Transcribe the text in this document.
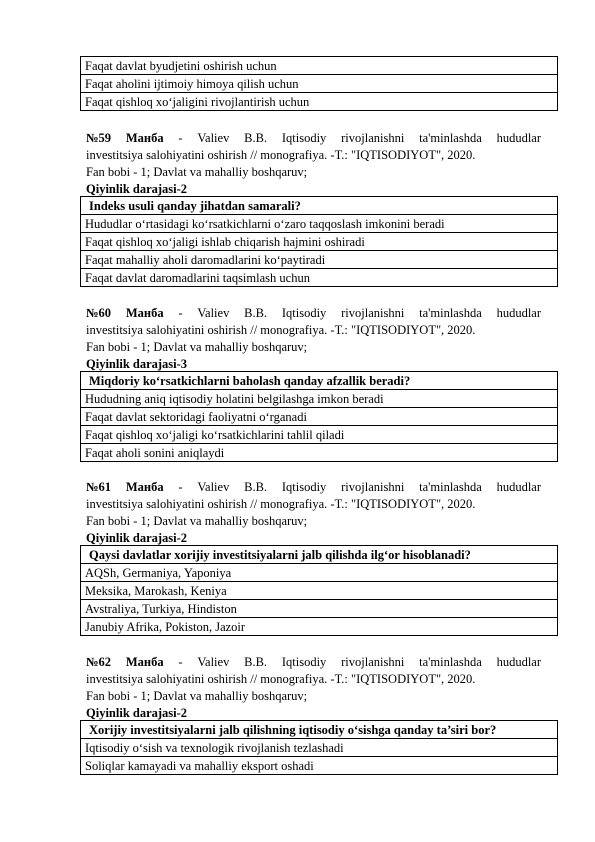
Faqat davlat byudjetini oshirish uchun
Faqat aholini ijtimoiy himoya qilish uchun
Faqat qishloq xo‘jaligini rivojlantirish uchun
№59 Манба - Valiev B.B. Iqtisodiy rivojlanishni ta'minlashda hududlar
investitsiya salohiyatini oshirish // monografiya. -T.: "IQTISODIYOT", 2020.
Fan bobi - 1; Davlat va mahalliy boshqaruv;
Qiyinlik darajasi-2
Indeks usuli qanday jihatdan samarali?
Hududlar o‘rtasidagi ko‘rsatkichlarni o‘zaro taqqoslash imkonini beradi
Faqat qishloq xo‘jaligi ishlab chiqarish hajmini oshiradi
Faqat mahalliy aholi daromadlarini ko‘paytiradi
Faqat davlat daromadlarini taqsimlash uchun
№60 Манба - Valiev B.B. Iqtisodiy rivojlanishni ta'minlashda hududlar
investitsiya salohiyatini oshirish // monografiya. -T.: "IQTISODIYOT", 2020.
Fan bobi - 1; Davlat va mahalliy boshqaruv;
Qiyinlik darajasi-3
Miqdoriy ko‘rsatkichlarni baholash qanday afzallik beradi?
Hududning aniq iqtisodiy holatini belgilashga imkon beradi
Faqat davlat sektoridagi faoliyatni o‘rganadi
Faqat qishloq xo‘jaligi ko‘rsatkichlarini tahlil qiladi
Faqat aholi sonini aniqlaydi
№61 Манба - Valiev B.B. Iqtisodiy rivojlanishni ta'minlashda hududlar
investitsiya salohiyatini oshirish // monografiya. -T.: "IQTISODIYOT", 2020.
Fan bobi - 1; Davlat va mahalliy boshqaruv;
Qiyinlik darajasi-2
Qaysi davlatlar xorijiy investitsiyalarni jalb qilishda ilg‘or hisoblanadi?
AQSh, Germaniya, Yaponiya
Meksika, Marokash, Keniya
Avstraliya, Turkiya, Hindiston
Janubiy Afrika, Pokiston, Jazoir
№62 Манба - Valiev B.B. Iqtisodiy rivojlanishni ta'minlashda hududlar
investitsiya salohiyatini oshirish // monografiya. -T.: "IQTISODIYOT", 2020.
Fan bobi - 1; Davlat va mahalliy boshqaruv;
Qiyinlik darajasi-2
Xorijiy investitsiyalarni jalb qilishning iqtisodiy o‘sishga qanday ta’siri bor?
Iqtisodiy o‘sish va texnologik rivojlanish tezlashadi
Soliqlar kamayadi va mahalliy eksport oshadi
